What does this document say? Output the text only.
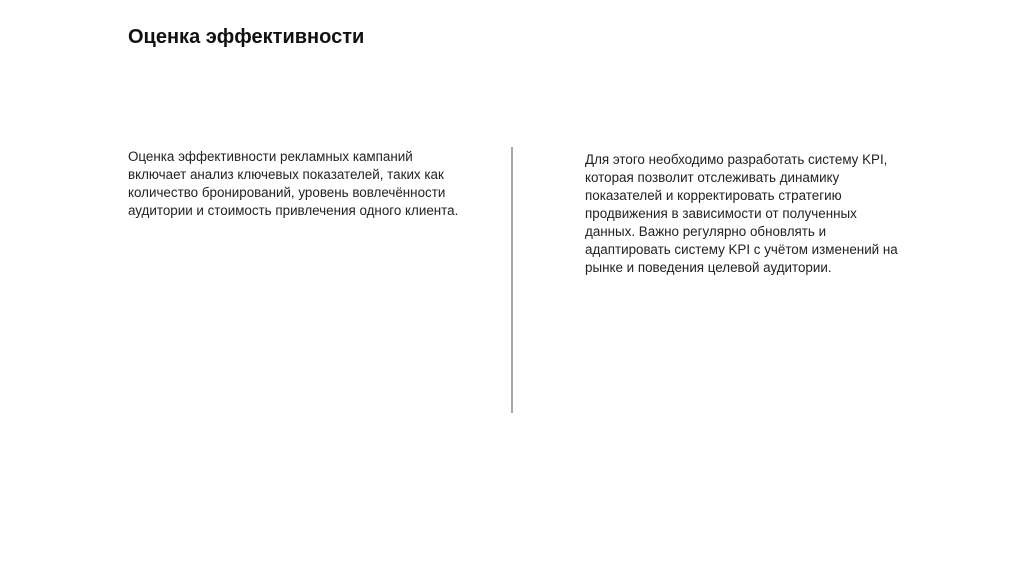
Оценка эффективности

Оценка эффективности рекламных кампаний включает анализ ключевых показателей, таких как количество бронирований, уровень вовлечённости аудитории и стоимость привлечения одного клиента.

Для этого необходимо разработать систему KPI, которая позволит отслеживать динамику показателей и корректировать стратегию продвижения в зависимости от полученных данных. Важно регулярно обновлять и адаптировать систему KPI с учётом изменений на рынке и поведения целевой аудитории.
